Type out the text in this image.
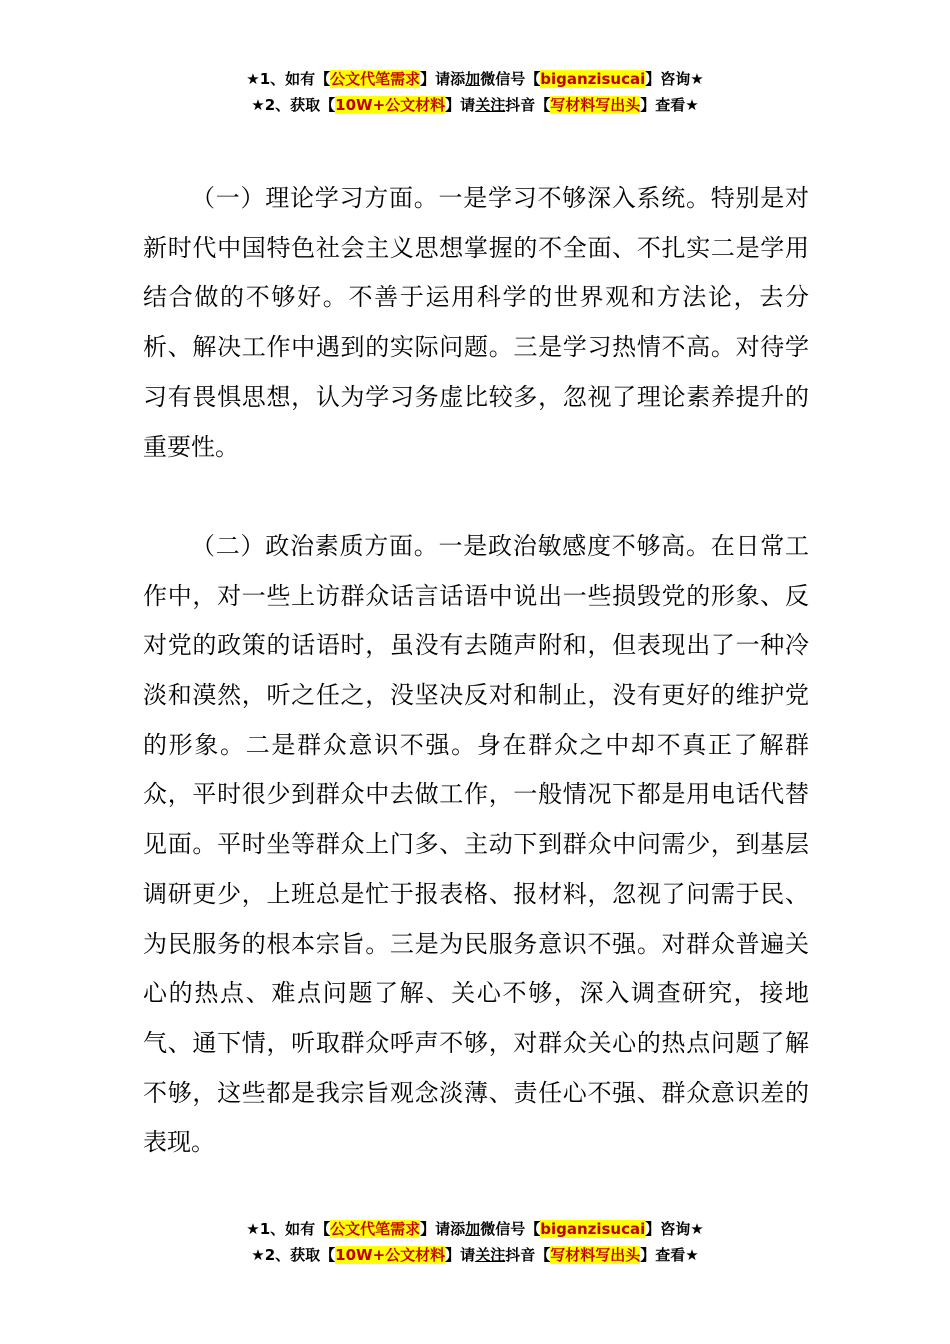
★1、如有【公文代笔需求】请添加微信号【biganzisucai】咨询★
★2、获取【10W+公文材料】请关注抖音【写材料写出头】查看★

（一）理论学习方面。一是学习不够深入系统。特别是对新时代中国特色社会主义思想掌握的不全面、不扎实二是学用结合做的不够好。不善于运用科学的世界观和方法论，去分析、解决工作中遇到的实际问题。三是学习热情不高。对待学习有畏惧思想，认为学习务虚比较多，忽视了理论素养提升的重要性。

（二）政治素质方面。一是政治敏感度不够高。在日常工作中，对一些上访群众话言话语中说出一些损毁党的形象、反对党的政策的话语时，虽没有去随声附和，但表现出了一种冷淡和漠然，听之任之，没坚决反对和制止，没有更好的维护党的形象。二是群众意识不强。身在群众之中却不真正了解群众，平时很少到群众中去做工作，一般情况下都是用电话代替见面。平时坐等群众上门多、主动下到群众中问需少，到基层调研更少，上班总是忙于报表格、报材料，忽视了问需于民、为民服务的根本宗旨。三是为民服务意识不强。对群众普遍关心的热点、难点问题了解、关心不够，深入调查研究，接地气、通下情，听取群众呼声不够，对群众关心的热点问题了解不够，这些都是我宗旨观念淡薄、责任心不强、群众意识差的表现。

★1、如有【公文代笔需求】请添加微信号【biganzisucai】咨询★
★2、获取【10W+公文材料】请关注抖音【写材料写出头】查看★
